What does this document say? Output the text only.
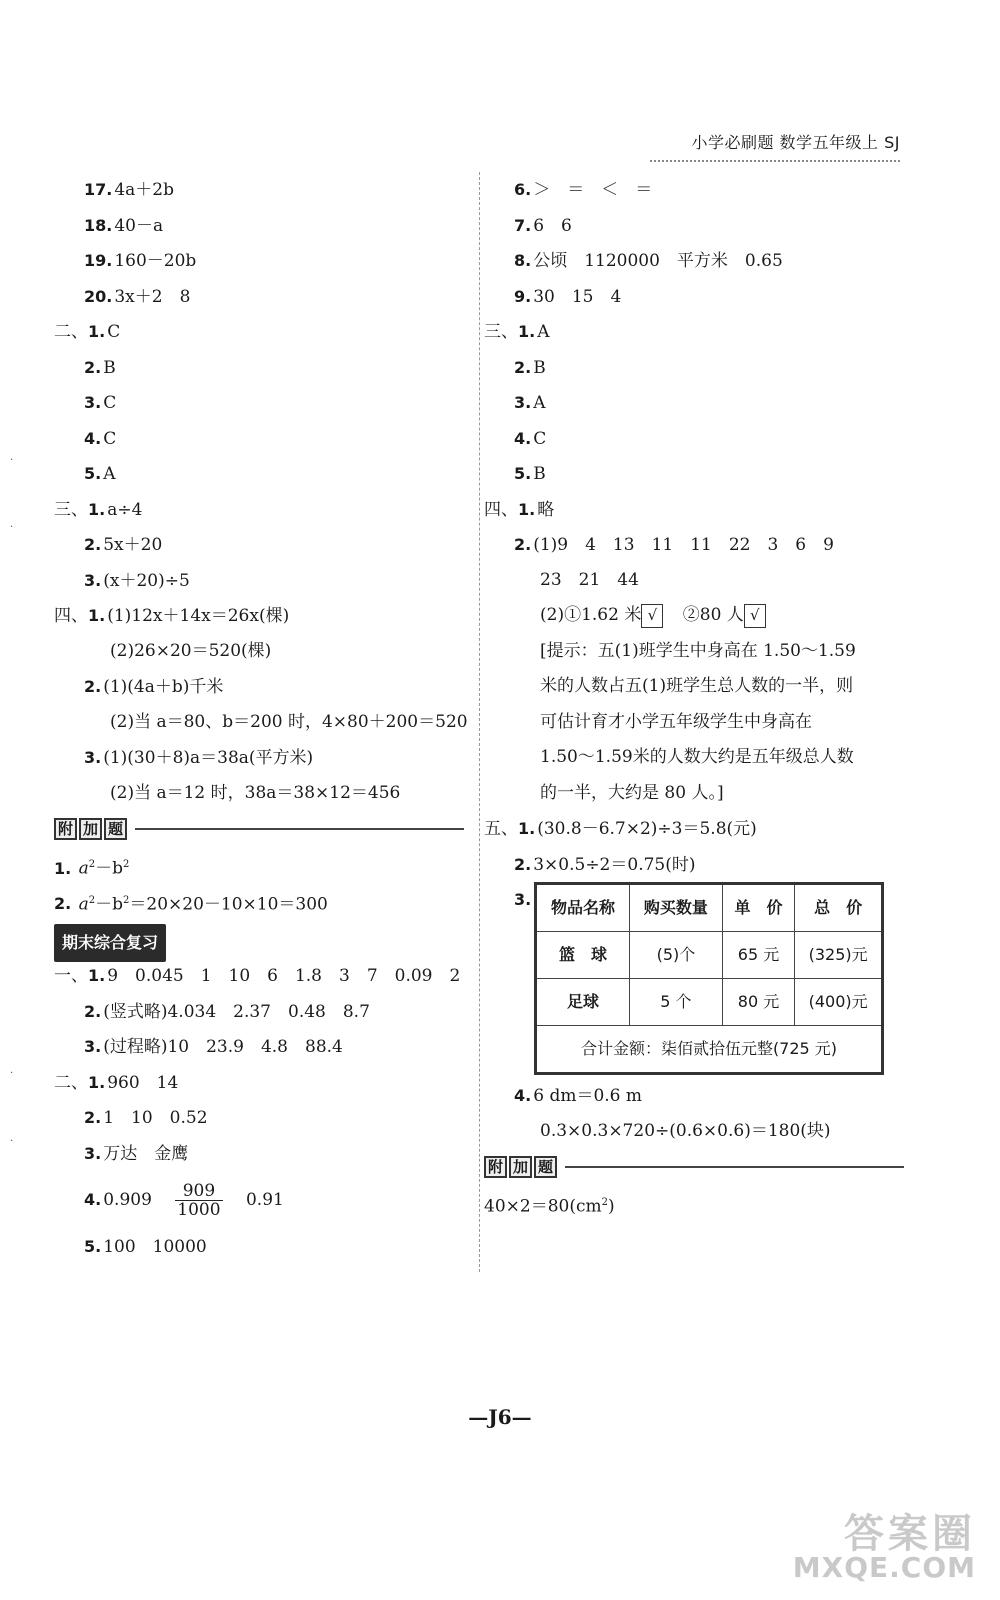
小学必刷题 数学五年级上 SJ
·
·
·
·
17. 4a＋2b
18. 40－a
19. 160－20b
20. 3x＋2　8
二、1. C
2. B
3. C
4. C
5. A
三、1. a÷4
2. 5x＋20
3. (x＋20)÷5
四、1. (1)12x＋14x＝26x(棵)
(2)26×20＝520(棵)
2. (1)(4a＋b)千米
(2)当 a＝80、b＝200 时，4×80＋200＝520
3. (1)(30＋8)a＝38a(平方米)
(2)当 a＝12 时，38a＝38×12＝456
附 加 题
1. $a^2-b^2$
2. $a^2-b^2=20\times 20-10\times 10=300$
期末综合复习
一、1. 9　0.045　1　10　6　1.8　3　7　0.09　2
2. (竖式略)4.034　2.37　0.48　8.7
3. (过程略)10　23.9　4.8　88.4
二、1. 960　14
2. 1　10　0.52
3. 万达　金鹰
4. $0.909 \frac{909}{1000} 0.91$
5. 100　10000
6. ＞　＝　＜　＝
7. 6　6
8. 公顷　1120000　平方米　0.65
9. 30　15　4
三、1. A
2. B
3. A
4. C
5. B
四、1. 略
2. (1)9　4　13　11　11　22　3　6　9
23　21　44
(2)①1.62 米 √ ②80 人 √
[提示：五(1)班学生中身高在 1.50～1.59
米的人数占五(1)班学生总人数的一半，则
可估计育才小学五年级学生中身高在
1.50～1.59米的人数大约是五年级总人数
的一半，大约是 80 人。]
五、1. (30.8－6.7×2)÷3＝5.8(元)
2. 3×0.5÷2＝0.75(时)
3. 物品名称	购买数量	单　价	总　价
篮　球	(5)个	65 元	(325)元
足球	5 个	80 元	(400)元
合计金额：柒佰贰拾伍元整(725 元)			
4. 6 dm＝0.6 m
0.3×0.3×720÷(0.6×0.6)＝180(块)
附 加 题
$40\times 2=80(cm^2)$
—J6—
答案圈
MXQE.COM
